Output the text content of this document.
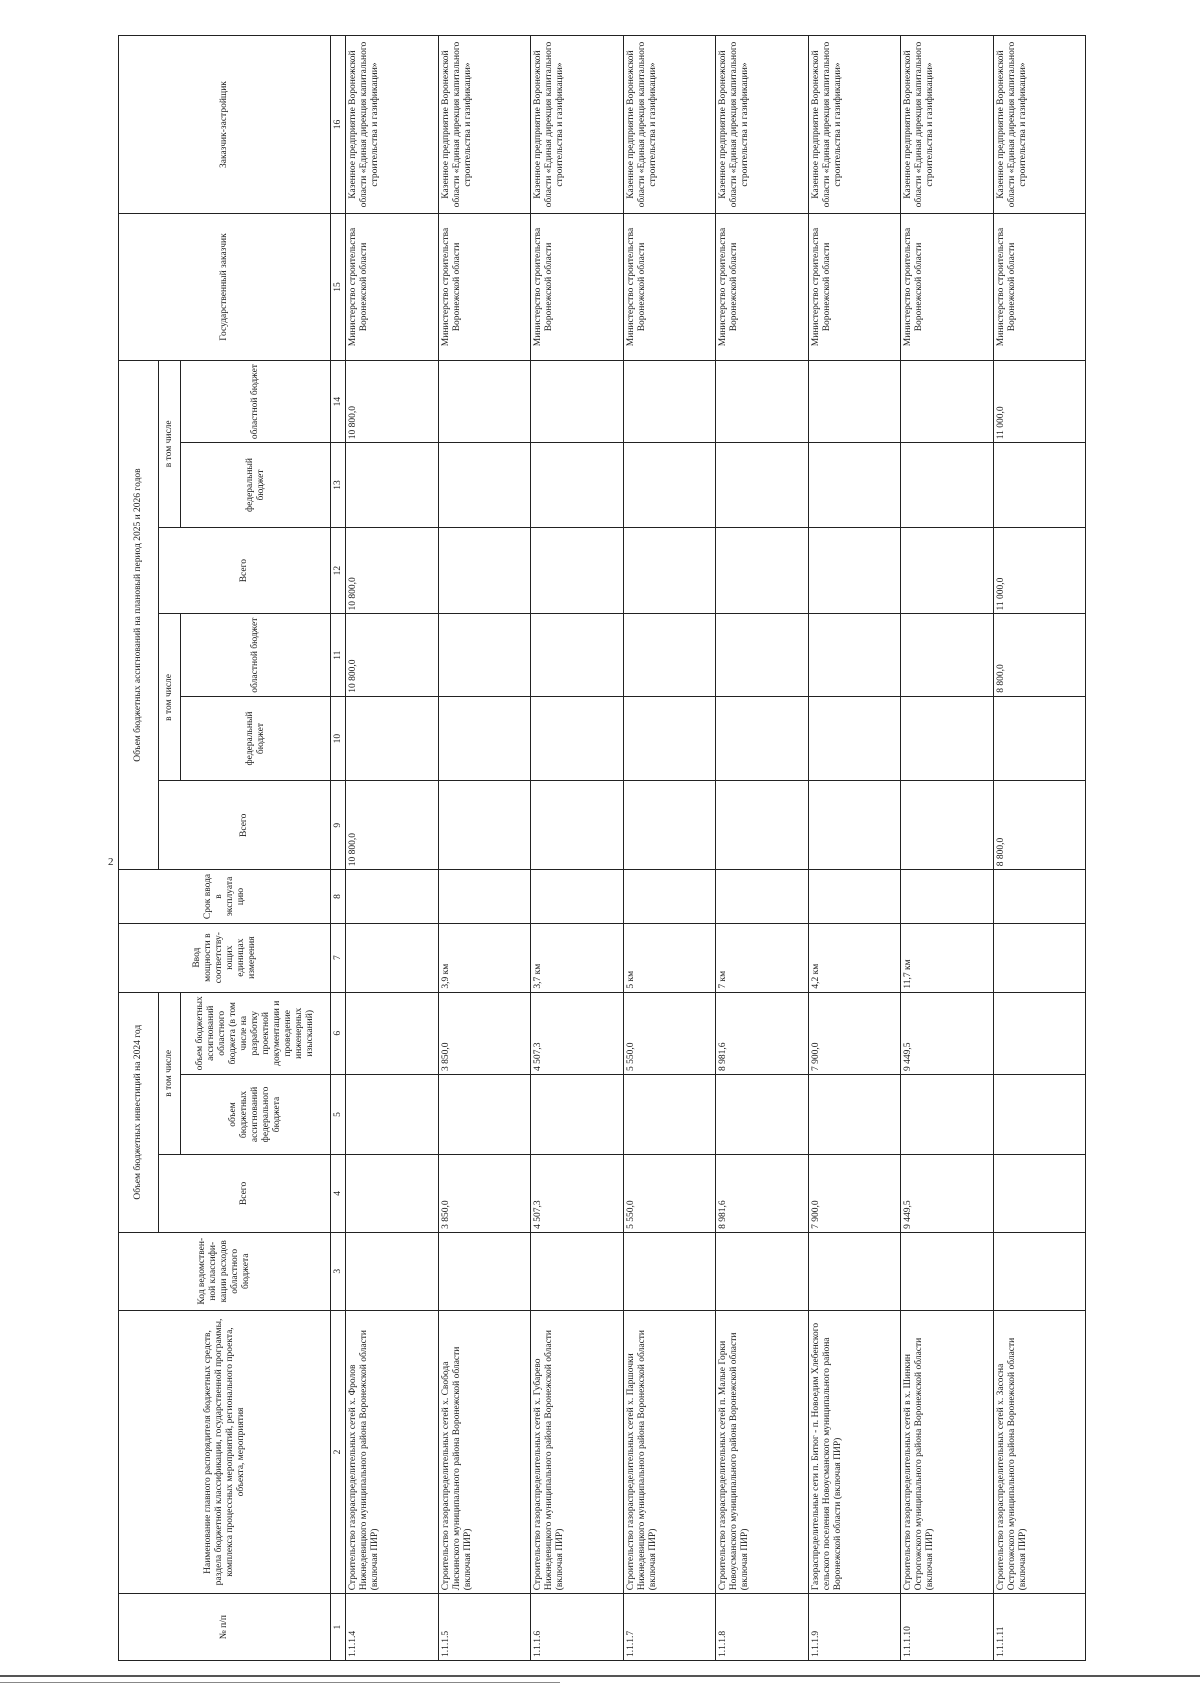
2
№ п/п	Наименование главного распорядителя бюджетных средств, раздела бюджетной классификации, государственной программы, комплекса процессных мероприятий, регионального проекта, объекта, мероприятия	Код ведомствен-ной классифи-кации расходов областного бюджета	Объем бюджетных инвестиций на 2024 год			Ввод мощности в соответству-ющих единицах измерения	Срок ввода в эксплуата цию	Объем бюджетных ассигнований на плановый период 2025 и 2026 годов						Государственный заказчик	Заказчик-застройщик
			Всего	в том числе				Всего	в том числе		Всего	в том числе			
				объем бюджетных ассигнований федерального бюджета	объем бюджетных ассигнований областного бюджета (в том числе на разработку проектной документации и проведение инженерных изысканий)				федеральный бюджет	областной бюджет		федеральный бюджет	областной бюджет		
1	2	3	4	5	6	7	8	9	10	11	12	13	14	15	16
1.1.1.4	Строительство газораспределительных сетей х. Фролов Нижнедевицкого муниципального района Воронежской области (включая ПИР)							10 800,0		10 800,0	10 800,0		10 800,0	Министерство строительства Воронежской области	Казенное предприятие Воронежской области «Единая дирекция капитального строительства и газификации»
1.1.1.5	Строительство газораспределительных сетей х. Свобода Лискинского муниципального района Воронежской области (включая ПИР)		3 850,0		3 850,0	3,9 км								Министерство строительства Воронежской области	Казенное предприятие Воронежской области «Единая дирекция капитального строительства и газификации»
1.1.1.6	Строительство газораспределительных сетей х. Губарево Нижнедевицкого муниципального района Воронежской области (включая ПИР)		4 507,3		4 507,3	3,7 км								Министерство строительства Воронежской области	Казенное предприятие Воронежской области «Единая дирекция капитального строительства и газификации»
1.1.1.7	Строительство газораспределительных сетей х. Паршочки Нижнедевицкого муниципального района Воронежской области (включая ПИР)		5 550,0		5 550,0	5 км								Министерство строительства Воронежской области	Казенное предприятие Воронежской области «Единая дирекция капитального строительства и газификации»
1.1.1.8	Строительство газораспределительных сетей п. Малые Горки Новоусманского муниципального района Воронежской области (включая ПИР)		8 981,6		8 981,6	7 км								Министерство строительства Воронежской области	Казенное предприятие Воронежской области «Единая дирекция капитального строительства и газификации»
1.1.1.9	Газораспределительные сети п. Битюг - п. Новоедим Хлебенского сельского поселения Новоусманского муниципального района Воронежской области (включая ПИР)		7 900,0		7 900,0	4,2 км								Министерство строительства Воронежской области	Казенное предприятие Воронежской области «Единая дирекция капитального строительства и газификации»
1.1.1.10	Строительство газораспределительных сетей в х. Шинкин Острогожского муниципального района Воронежской области (включая ПИР)		9 449,5		9 449,5	11,7 км								Министерство строительства Воронежской области	Казенное предприятие Воронежской области «Единая дирекция капитального строительства и газификации»
1.1.1.11	Строительство газораспределительных сетей х. Засосна Острогожского муниципального района Воронежской области (включая ПИР)							8 800,0		8 800,0	11 000,0		11 000,0	Министерство строительства Воронежской области	Казенное предприятие Воронежской области «Единая дирекция капитального строительства и газификации»
